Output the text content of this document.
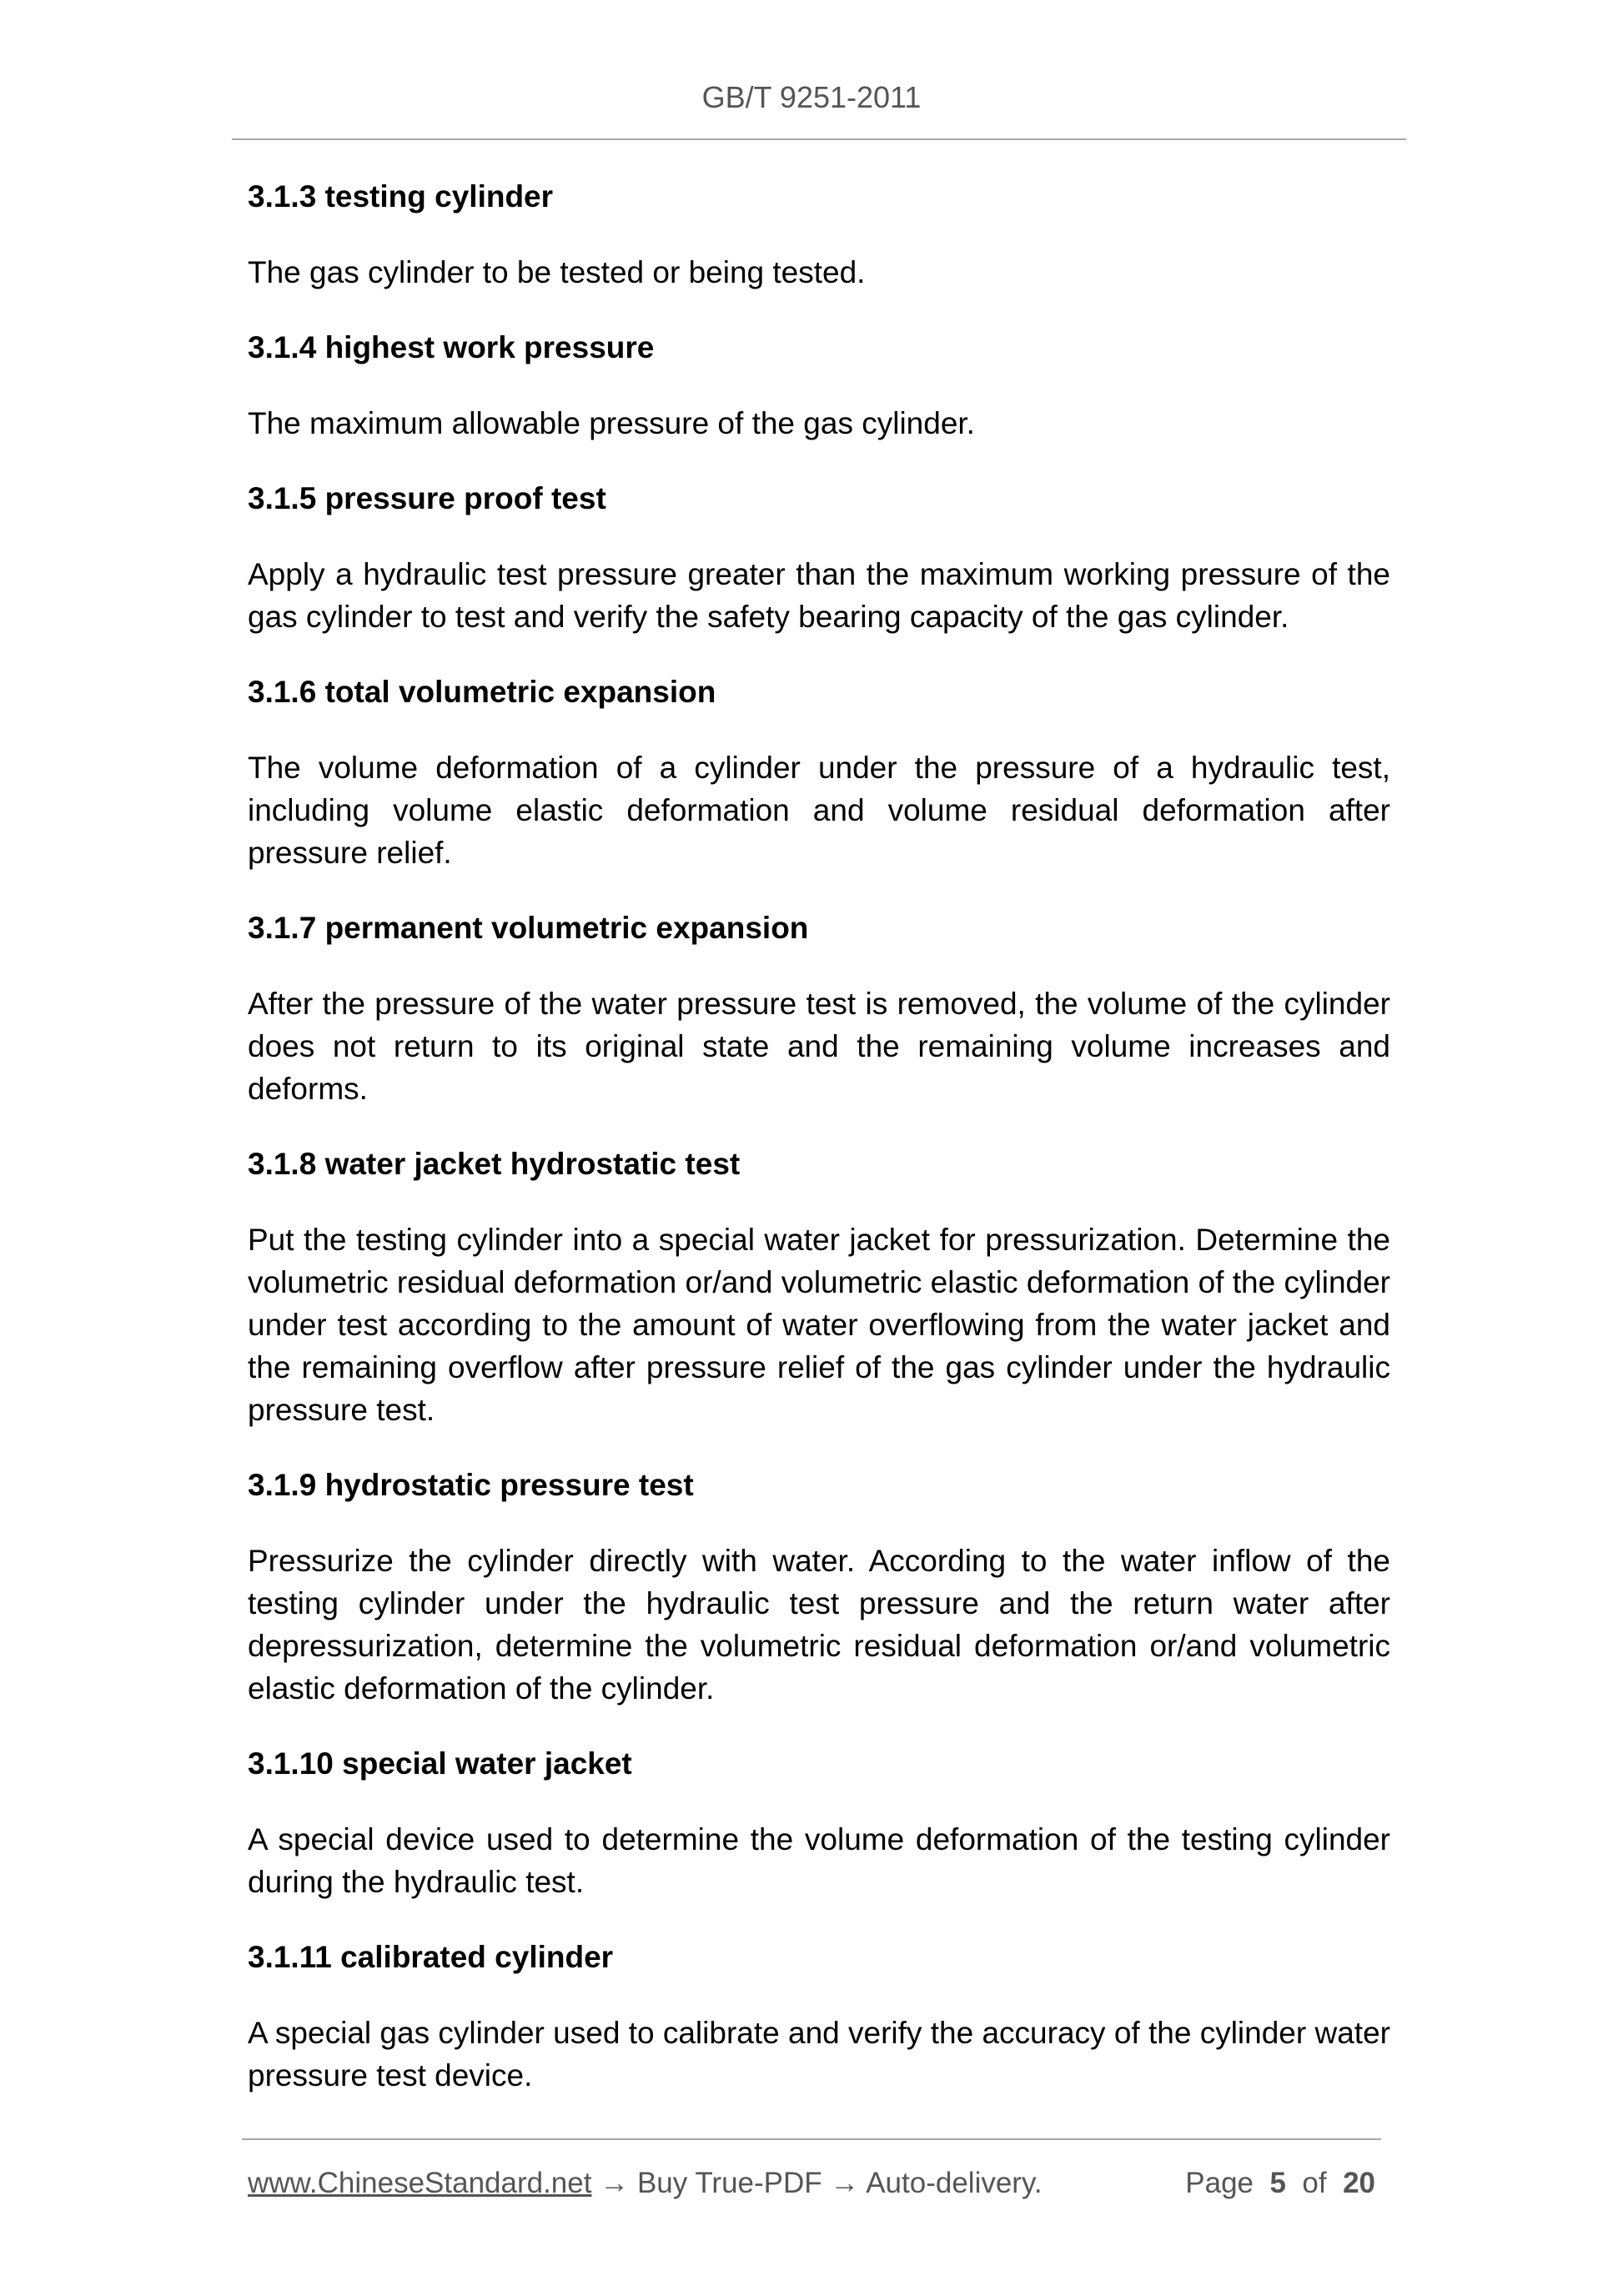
GB/T 9251-2011

3.1.3 testing cylinder

The gas cylinder to be tested or being tested.

3.1.4 highest work pressure

The maximum allowable pressure of the gas cylinder.

3.1.5 pressure proof test

Apply a hydraulic test pressure greater than the maximum working pressure of the gas cylinder to test and verify the safety bearing capacity of the gas cylinder.

3.1.6 total volumetric expansion

The volume deformation of a cylinder under the pressure of a hydraulic test, including volume elastic deformation and volume residual deformation after pressure relief.

3.1.7 permanent volumetric expansion

After the pressure of the water pressure test is removed, the volume of the cylinder does not return to its original state and the remaining volume increases and deforms.

3.1.8 water jacket hydrostatic test

Put the testing cylinder into a special water jacket for pressurization. Determine the volumetric residual deformation or/and volumetric elastic deformation of the cylinder under test according to the amount of water overflowing from the water jacket and the remaining overflow after pressure relief of the gas cylinder under the hydraulic pressure test.

3.1.9 hydrostatic pressure test

Pressurize the cylinder directly with water. According to the water inflow of the testing cylinder under the hydraulic test pressure and the return water after depressurization, determine the volumetric residual deformation or/and volumetric elastic deformation of the cylinder.

3.1.10 special water jacket

A special device used to determine the volume deformation of the testing cylinder during the hydraulic test.

3.1.11 calibrated cylinder

A special gas cylinder used to calibrate and verify the accuracy of the cylinder water pressure test device.

www.ChineseStandard.net → Buy True-PDF → Auto-delivery.	Page 5 of 20
